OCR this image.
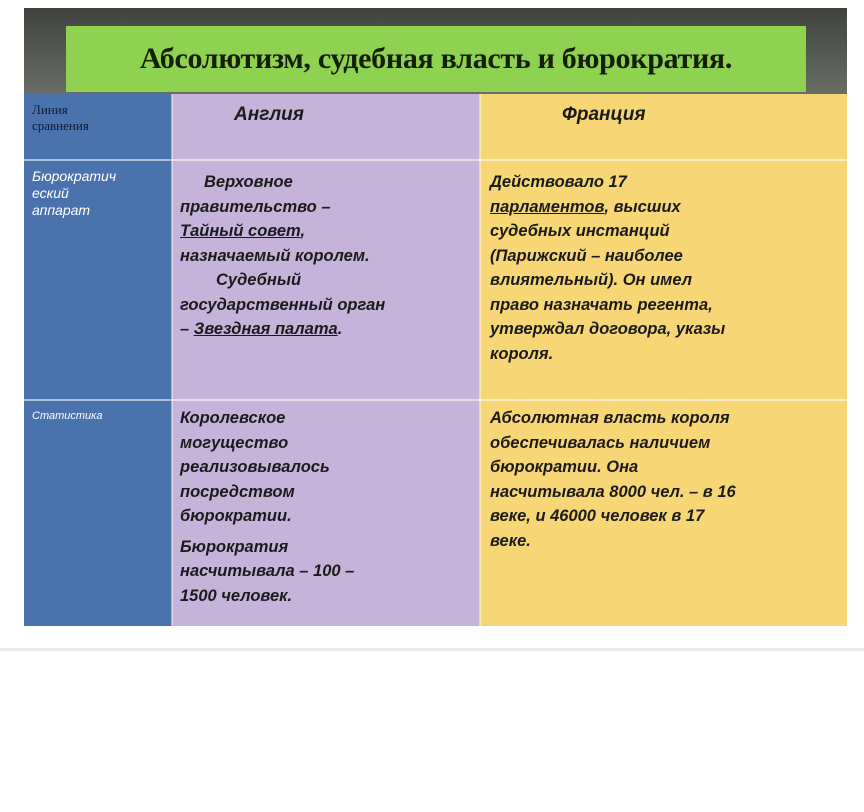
Абсолютизм, судебная власть и бюрократия.
Линия
сравнения
Англия	Франция
Бюрократич
еский
аппарат
Верховное
правительство –
Тайный совет,
назначаемый королем.
Судебный
государственный орган
– Звездная палата.
Действовало 17
парламентов, высших
судебных инстанций
(Парижский – наиболее
влиятельный). Он имел
право назначать регента,
утверждал договора, указы
короля.
Статистика	Королевское
могущество
реализовывалось
посредством
бюрократии.

Бюрократия
насчитывала – 100 –
1500 человек.

Абсолютная власть короля
обеспечивалась наличием
бюрократии. Она
насчитывала 8000 чел. – в 16
веке, и 46000 человек в 17
веке.
